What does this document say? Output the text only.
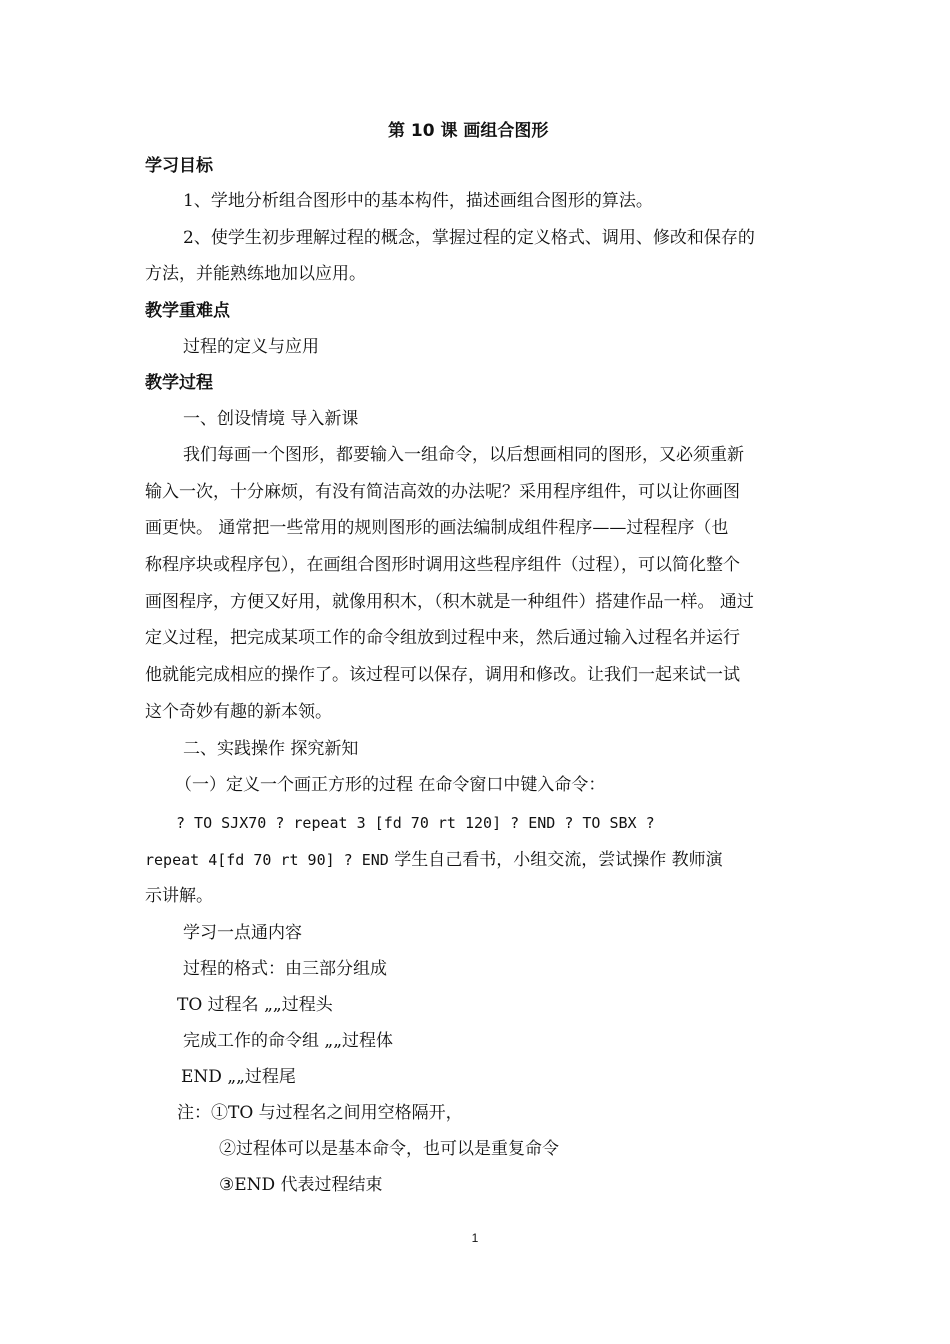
第 10 课 画组合图形
学习目标
1、学地分析组合图形中的基本构件，描述画组合图形的算法。
2、使学生初步理解过程的概念，掌握过程的定义格式、调用、修改和保存的
方法，并能熟练地加以应用。
教学重难点
过程的定义与应用
教学过程
一、创设情境 导入新课
我们每画一个图形，都要输入一组命令，以后想画相同的图形，又必须重新
输入一次，十分麻烦，有没有简洁高效的办法呢？采用程序组件，可以让你画图
画更快。 通常把一些常用的规则图形的画法编制成组件程序——过程程序（也
称程序块或程序包），在画组合图形时调用这些程序组件（过程），可以简化整个
画图程序，方便又好用，就像用积木，（积木就是一种组件）搭建作品一样。 通过
定义过程，把完成某项工作的命令组放到过程中来，然后通过输入过程名并运行
他就能完成相应的操作了。该过程可以保存，调用和修改。让我们一起来试一试
这个奇妙有趣的新本领。
二、实践操作 探究新知
（一）定义一个画正方形的过程 在命令窗口中键入命令：
? TO SJX70 ? repeat 3 [fd 70 rt 120] ? END ? TO SBX ?
repeat 4[fd 70 rt 90] ? END 学生自己看书，小组交流，尝试操作 教师演
示讲解。
学习一点通内容
过程的格式：由三部分组成
TO 过程名 „„过程头
完成工作的命令组 „„过程体
END „„过程尾
注：①TO 与过程名之间用空格隔开，
②过程体可以是基本命令，也可以是重复命令
③END 代表过程结束
1
